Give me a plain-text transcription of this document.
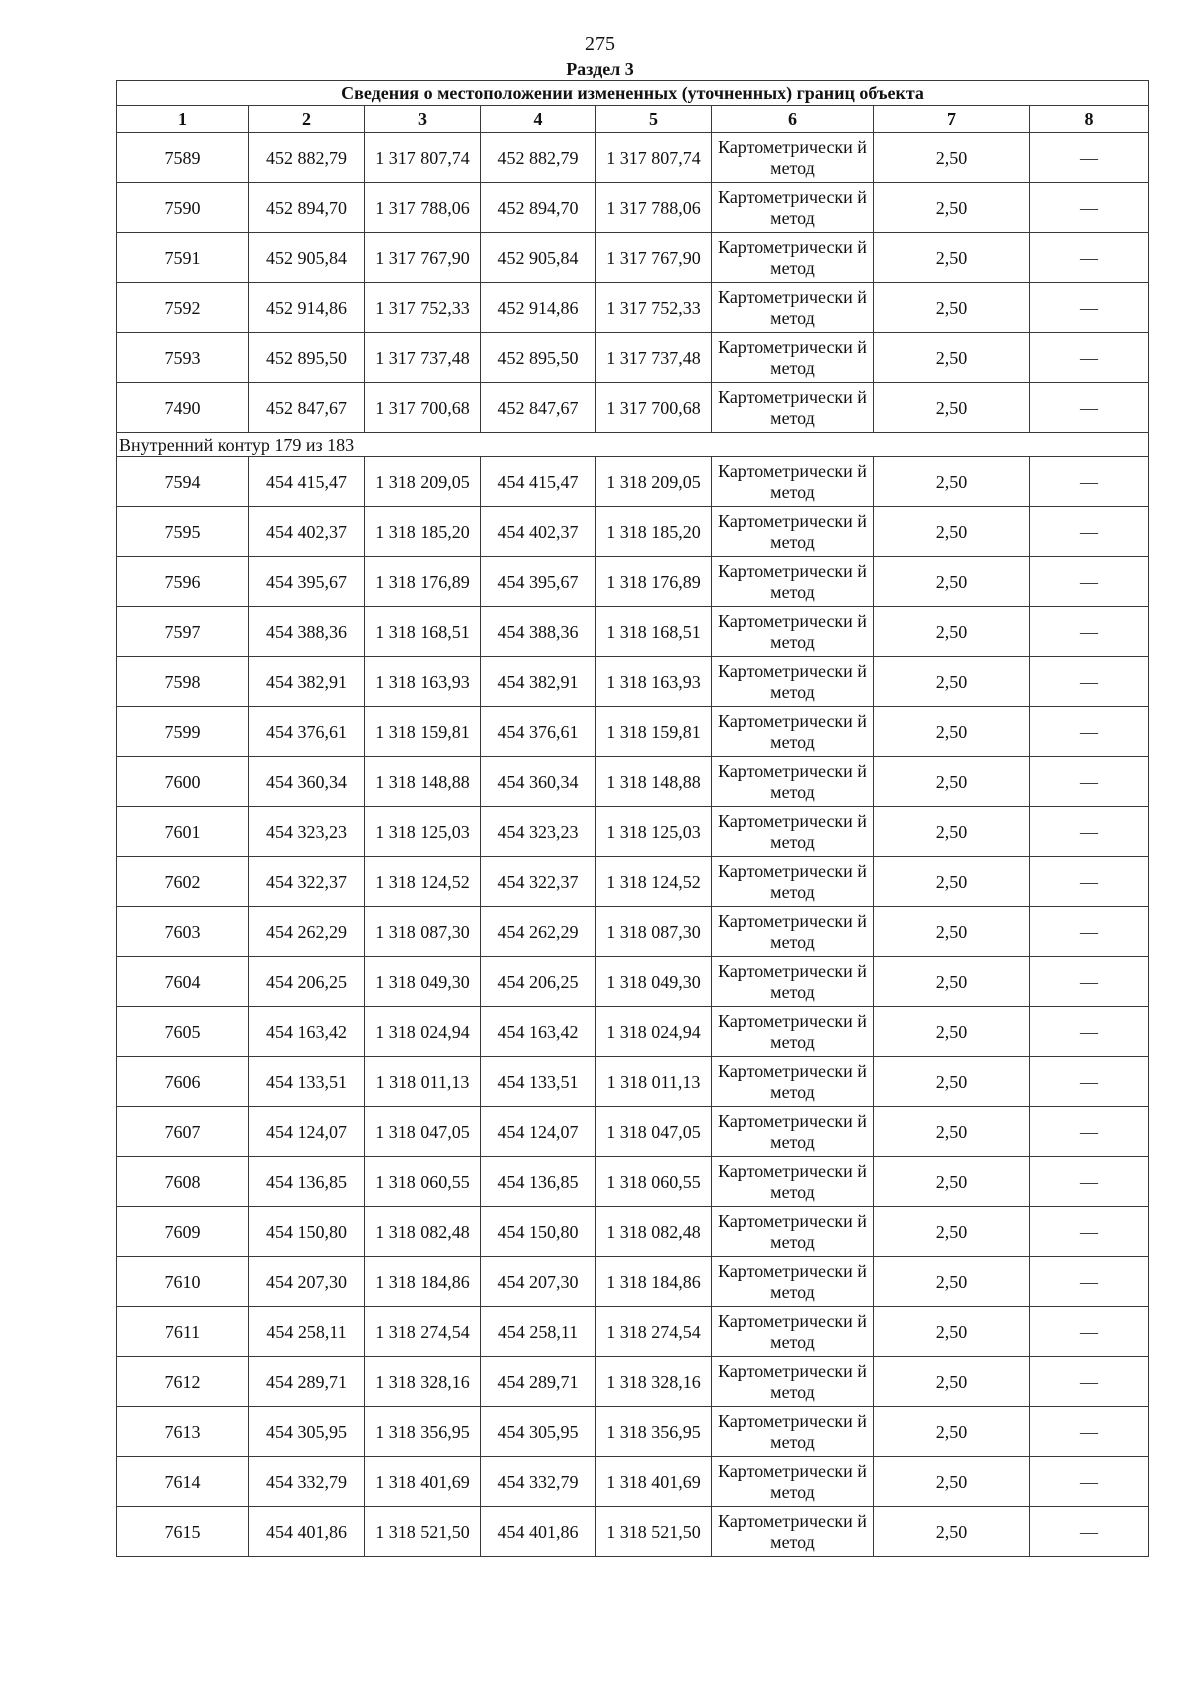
275
Раздел 3
Сведения о местоположении измененных (уточненных) границ объекта							
1	2	3	4	5	6	7	8
7589	452 882,79	1 317 807,74	452 882,79	1 317 807,74	Картометрически й метод	2,50	—
7590	452 894,70	1 317 788,06	452 894,70	1 317 788,06	Картометрически й метод	2,50	—
7591	452 905,84	1 317 767,90	452 905,84	1 317 767,90	Картометрически й метод	2,50	—
7592	452 914,86	1 317 752,33	452 914,86	1 317 752,33	Картометрически й метод	2,50	—
7593	452 895,50	1 317 737,48	452 895,50	1 317 737,48	Картометрически й метод	2,50	—
7490	452 847,67	1 317 700,68	452 847,67	1 317 700,68	Картометрически й метод	2,50	—
Внутренний контур 179 из 183							
7594	454 415,47	1 318 209,05	454 415,47	1 318 209,05	Картометрически й метод	2,50	—
7595	454 402,37	1 318 185,20	454 402,37	1 318 185,20	Картометрически й метод	2,50	—
7596	454 395,67	1 318 176,89	454 395,67	1 318 176,89	Картометрически й метод	2,50	—
7597	454 388,36	1 318 168,51	454 388,36	1 318 168,51	Картометрически й метод	2,50	—
7598	454 382,91	1 318 163,93	454 382,91	1 318 163,93	Картометрически й метод	2,50	—
7599	454 376,61	1 318 159,81	454 376,61	1 318 159,81	Картометрически й метод	2,50	—
7600	454 360,34	1 318 148,88	454 360,34	1 318 148,88	Картометрически й метод	2,50	—
7601	454 323,23	1 318 125,03	454 323,23	1 318 125,03	Картометрически й метод	2,50	—
7602	454 322,37	1 318 124,52	454 322,37	1 318 124,52	Картометрически й метод	2,50	—
7603	454 262,29	1 318 087,30	454 262,29	1 318 087,30	Картометрически й метод	2,50	—
7604	454 206,25	1 318 049,30	454 206,25	1 318 049,30	Картометрически й метод	2,50	—
7605	454 163,42	1 318 024,94	454 163,42	1 318 024,94	Картометрически й метод	2,50	—
7606	454 133,51	1 318 011,13	454 133,51	1 318 011,13	Картометрически й метод	2,50	—
7607	454 124,07	1 318 047,05	454 124,07	1 318 047,05	Картометрически й метод	2,50	—
7608	454 136,85	1 318 060,55	454 136,85	1 318 060,55	Картометрически й метод	2,50	—
7609	454 150,80	1 318 082,48	454 150,80	1 318 082,48	Картометрически й метод	2,50	—
7610	454 207,30	1 318 184,86	454 207,30	1 318 184,86	Картометрически й метод	2,50	—
7611	454 258,11	1 318 274,54	454 258,11	1 318 274,54	Картометрически й метод	2,50	—
7612	454 289,71	1 318 328,16	454 289,71	1 318 328,16	Картометрически й метод	2,50	—
7613	454 305,95	1 318 356,95	454 305,95	1 318 356,95	Картометрически й метод	2,50	—
7614	454 332,79	1 318 401,69	454 332,79	1 318 401,69	Картометрически й метод	2,50	—
7615	454 401,86	1 318 521,50	454 401,86	1 318 521,50	Картометрически й метод	2,50	—
